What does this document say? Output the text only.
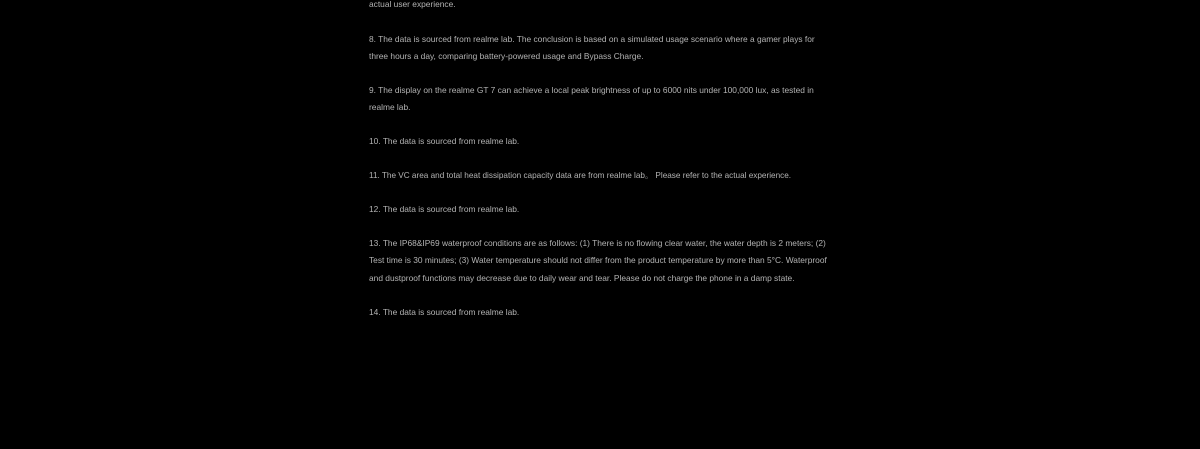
actual user experience.

8. The data is sourced from realme lab. The conclusion is based on a simulated usage scenario where a gamer plays for three hours a day, comparing battery-powered usage and Bypass Charge.

9. The display on the realme GT 7 can achieve a local peak brightness of up to 6000 nits under 100,000 lux, as tested in realme lab.

10. The data is sourced from realme lab.

11. The VC area and total heat dissipation capacity data are from realme lab。 Please refer to the actual experience.

12. The data is sourced from realme lab.

13. The IP68&IP69 waterproof conditions are as follows: (1) There is no flowing clear water, the water depth is 2 meters; (2) Test time is 30 minutes; (3) Water temperature should not differ from the product temperature by more than 5°C. Waterproof and dustproof functions may decrease due to daily wear and tear. Please do not charge the phone in a damp state.

14. The data is sourced from realme lab.
